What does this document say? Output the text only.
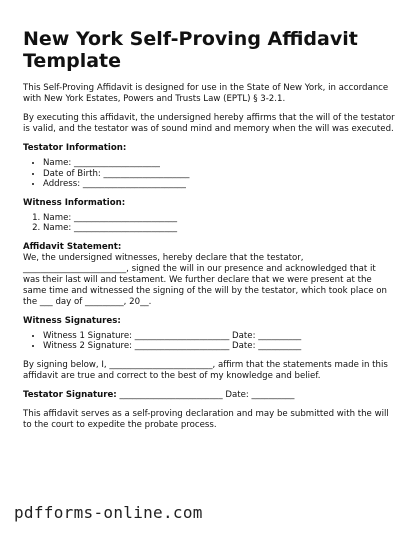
New York Self-Proving Affidavit
Template

This Self-Proving Affidavit is designed for use in the State of New York, in accordance with New York Estates, Powers and Trusts Law (EPTL) § 3-2.1.

By executing this affidavit, the undersigned hereby affirms that the will of the testator is valid, and the testator was of sound mind and memory when the will was executed.

Testator Information:
• Name: ____________________
• Date of Birth: ____________________
• Address: ________________________
Witness Information:
1. Name: ________________________
2. Name: ________________________
Affidavit Statement:

We, the undersigned witnesses, hereby declare that the testator, ________________________, signed the will in our presence and acknowledged that it was their last will and testament. We further declare that we were present at the same time and witnessed the signing of the will by the testator, which took place on the ___ day of _________, 20__.

Witness Signatures:
• Witness 1 Signature: ______________________ Date: __________
• Witness 2 Signature: ______________________ Date: __________

By signing below, I, ________________________, affirm that the statements made in this affidavit are true and correct to the best of my knowledge and belief.

Testator Signature: ________________________ Date: __________

This affidavit serves as a self-proving declaration and may be submitted with the will to the court to expedite the probate process.

pdfforms-online.com
